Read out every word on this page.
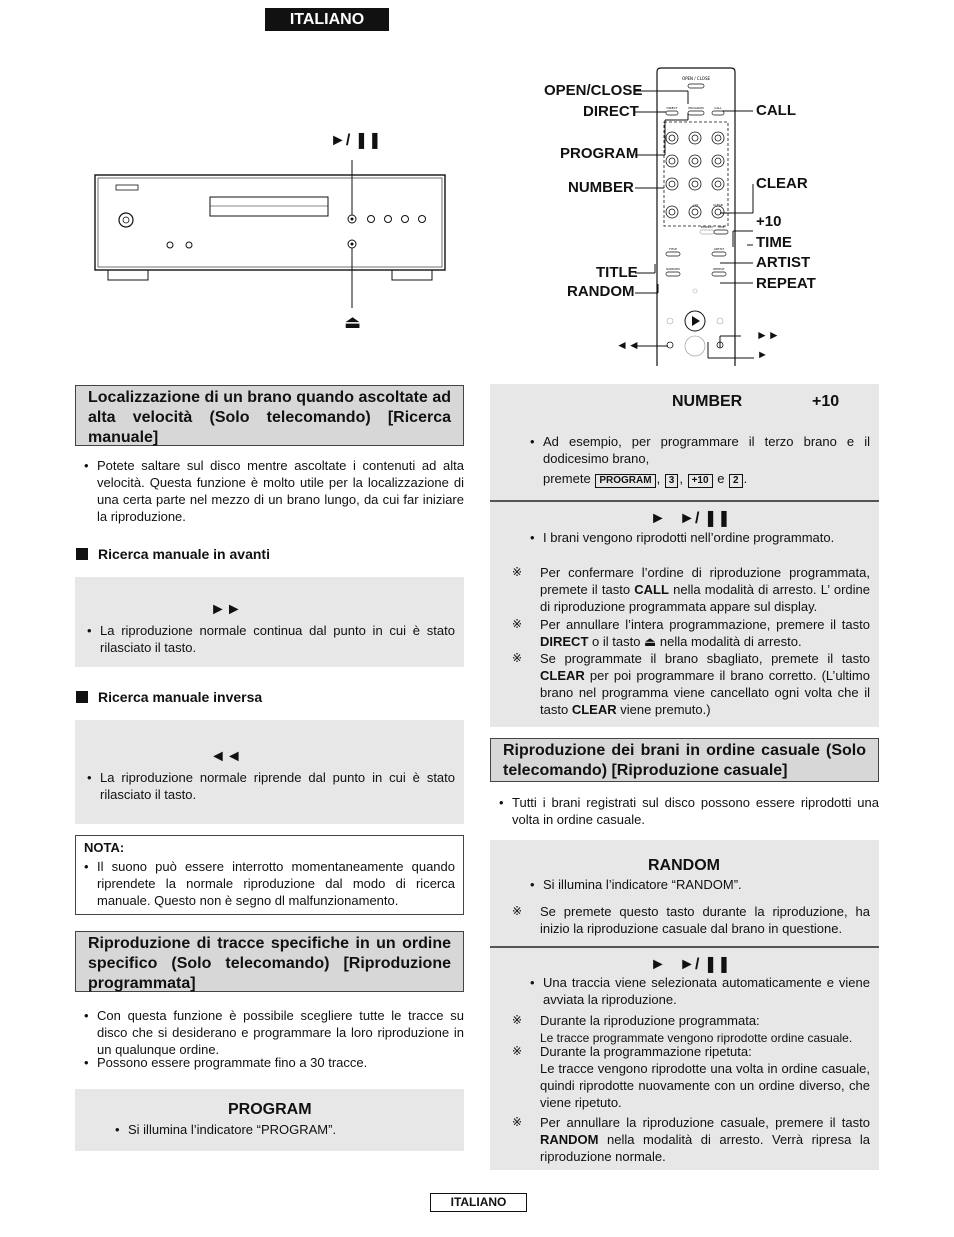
ITALIANO
►/ ❚❚
⏏
OPEN / CLOSE
DIRECT	PROGRAM	CALL
+10	CLEAR
DISPLAY	TIME
TITLE	ARTIST
RANDOM	REPEAT
OPEN/CLOSE
DIRECT
PROGRAM
NUMBER
TITLE
RANDOM
CALL
CLEAR
+10
TIME
ARTIST
REPEAT
◄◄
►►
►
Localizzazione di un brano quando ascoltate ad alta velocità (Solo telecomando) [Ricerca manuale]
• Potete saltare sul disco mentre ascoltate i contenuti ad alta velocità. Questa funzione è molto utile per la localizzazione di una certa parte nel mezzo di un brano lungo, da cui far iniziare la riproduzione.
Ricerca manuale in avanti
►►
• La riproduzione normale continua dal punto in cui è stato rilasciato il tasto.
Ricerca manuale inversa
◄◄
• La riproduzione normale riprende dal punto in cui è stato rilasciato il tasto.
NOTA:
• Il suono può essere interrotto momentaneamente quando riprendete la normale riproduzione dal modo di ricerca manuale. Questo non è segno dl malfunzionamento.
Riproduzione di tracce specifiche in un ordine specifico (Solo telecomando) [Riproduzione programmata]
• Con questa funzione è possibile scegliere tutte le tracce su disco che si desiderano e programmare la loro riproduzione in un qualunque ordine.
• Possono essere programmate fino a 30 tracce.
PROGRAM
• Si illumina l’indicatore “PROGRAM”.
NUMBER	+10
• Ad esempio, per programmare il terzo brano e il dodicesimo brano,
premete PROGRAM , 3 , +10 e 2 .
►   ►/ ❚❚
• I brani vengono riprodotti nell’ordine programmato.
※ Per confermare l’ordine di riproduzione programmata, premete il tasto CALL nella modalità di arresto. L’ ordine di riproduzione programmata appare sul display.
※ Per annullare l’intera programmazione, premere il tasto DIRECT o il tasto ⏏ nella modalità di arresto.
※ Se programmate il brano sbagliato, premete il tasto CLEAR per poi programmare il brano corretto. (L’ultimo brano nel programma viene cancellato ogni volta che il tasto CLEAR viene premuto.)
Riproduzione dei brani in ordine casuale (Solo telecomando) [Riproduzione casuale]
• Tutti i brani registrati sul disco possono essere riprodotti una volta in ordine casuale.
RANDOM
• Si illumina l’indicatore “RANDOM”.
※ Se premete questo tasto durante la riproduzione, ha inizio la riproduzione casuale dal brano in questione.
►   ►/ ❚❚
• Una traccia viene selezionata automaticamente e viene avviata la riproduzione.
※ Durante la riproduzione programmata:
Le tracce programmate vengono riprodotte ordine casuale.
※ Durante la programmazione ripetuta:
Le tracce vengono riprodotte una volta in ordine casuale, quindi riprodotte nuovamente con un ordine diverso, che viene ripetuto.
※ Per annullare la riproduzione casuale, premere il tasto RANDOM nella modalità di arresto. Verrà ripresa la riproduzione normale.
ITALIANO
